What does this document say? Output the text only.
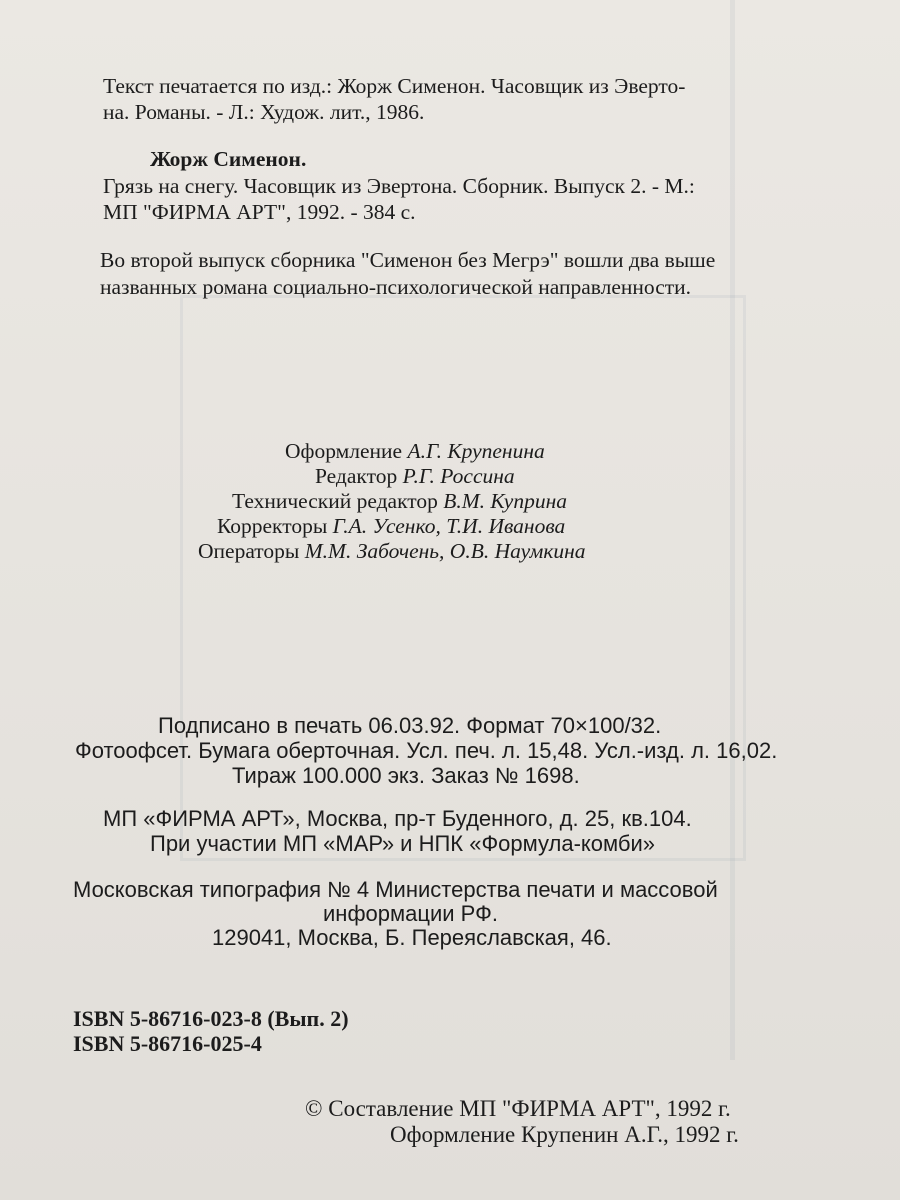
Текст печатается по изд.: Жорж Сименон. Часовщик из Эверто-

на. Романы. - Л.: Худож. лит., 1986.

Жорж Сименон.

Грязь на снегу. Часовщик из Эвертона. Сборник. Выпуск 2. - М.:

МП "ФИРМА АРТ", 1992. - 384 с.

Во второй выпуск сборника "Сименон без Мегрэ" вошли два выше

названных романа социально-психологической направленности.

Оформление А.Г. Крупенина

Редактор Р.Г. Россина

Технический редактор В.М. Куприна

Корректоры Г.А. Усенко, Т.И. Иванова

Операторы М.М. Забочень, О.В. Наумкина

Подписано в печать 06.03.92. Формат 70×100/32.

Фотоофсет. Бумага оберточная. Усл. печ. л. 15,48. Усл.-изд. л. 16,02.

Тираж 100.000 экз. Заказ № 1698.

МП «ФИРМА АРТ», Москва, пр-т Буденного, д. 25, кв.104.

При участии МП «МАР» и НПК «Формула-комби»

Московская типография № 4 Министерства печати и массовой

информации РФ.

129041, Москва, Б. Переяславская, 46.

ISBN 5-86716-023-8 (Вып. 2)

ISBN 5-86716-025-4

© Составление МП "ФИРМА АРТ", 1992 г.

Оформление Крупенин А.Г., 1992 г.
